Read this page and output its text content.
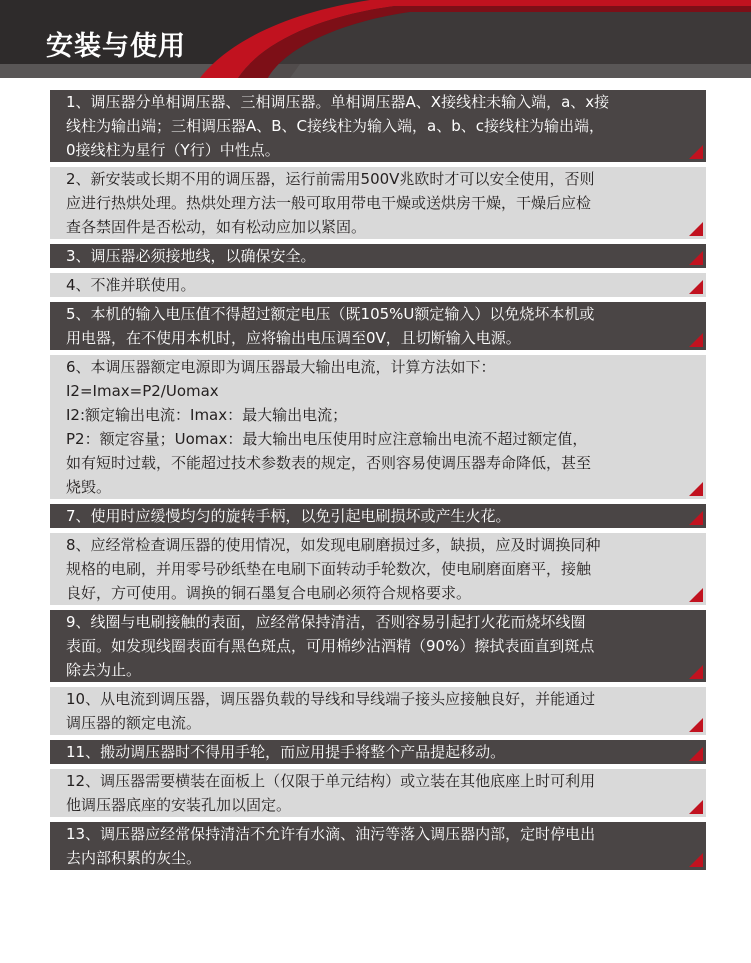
安装与使用
1、调压器分单相调压器、三相调压器。单相调压器A、X接线柱未输入端，a、x接
线柱为输出端；三相调压器A、B、C接线柱为输入端，a、b、c接线柱为输出端，
0接线柱为星行（Y行）中性点。
2、新安装或长期不用的调压器，运行前需用500V兆欧时才可以安全使用，否则
应进行热烘处理。热烘处理方法一般可取用带电干燥或送烘房干燥，干燥后应检
查各禁固件是否松动，如有松动应加以紧固。
3、调压器必须接地线，以确保安全。
4、不准并联使用。
5、本机的输入电压值不得超过额定电压（既105%U额定输入）以免烧坏本机或
用电器，在不使用本机时，应将输出电压调至0V，且切断输入电源。
6、本调压器额定电源即为调压器最大输出电流，计算方法如下：
I2=Imax=P2/Uomax
I2:额定输出电流：Imax：最大输出电流；
P2：额定容量；Uomax：最大输出电压使用时应注意输出电流不超过额定值，
如有短时过载，不能超过技术参数表的规定，否则容易使调压器寿命降低，甚至
烧毁。
7、使用时应缓慢均匀的旋转手柄，以免引起电刷损坏或产生火花。
8、应经常检查调压器的使用情况，如发现电刷磨损过多，缺损，应及时调换同种
规格的电刷，并用零号砂纸垫在电刷下面转动手轮数次，使电刷磨面磨平，接触
良好，方可使用。调换的铜石墨复合电刷必须符合规格要求。
9、线圈与电刷接触的表面，应经常保持清洁，否则容易引起打火花而烧坏线圈
表面。如发现线圈表面有黑色斑点，可用棉纱沾酒精（90%）擦拭表面直到斑点
除去为止。
10、从电流到调压器，调压器负载的导线和导线端子接头应接触良好，并能通过
调压器的额定电流。
11、搬动调压器时不得用手轮，而应用提手将整个产品提起移动。
12、调压器需要横装在面板上（仅限于单元结构）或立装在其他底座上时可利用
他调压器底座的安装孔加以固定。
13、调压器应经常保持清洁不允许有水滴、油污等落入调压器内部，定时停电出
去内部积累的灰尘。
